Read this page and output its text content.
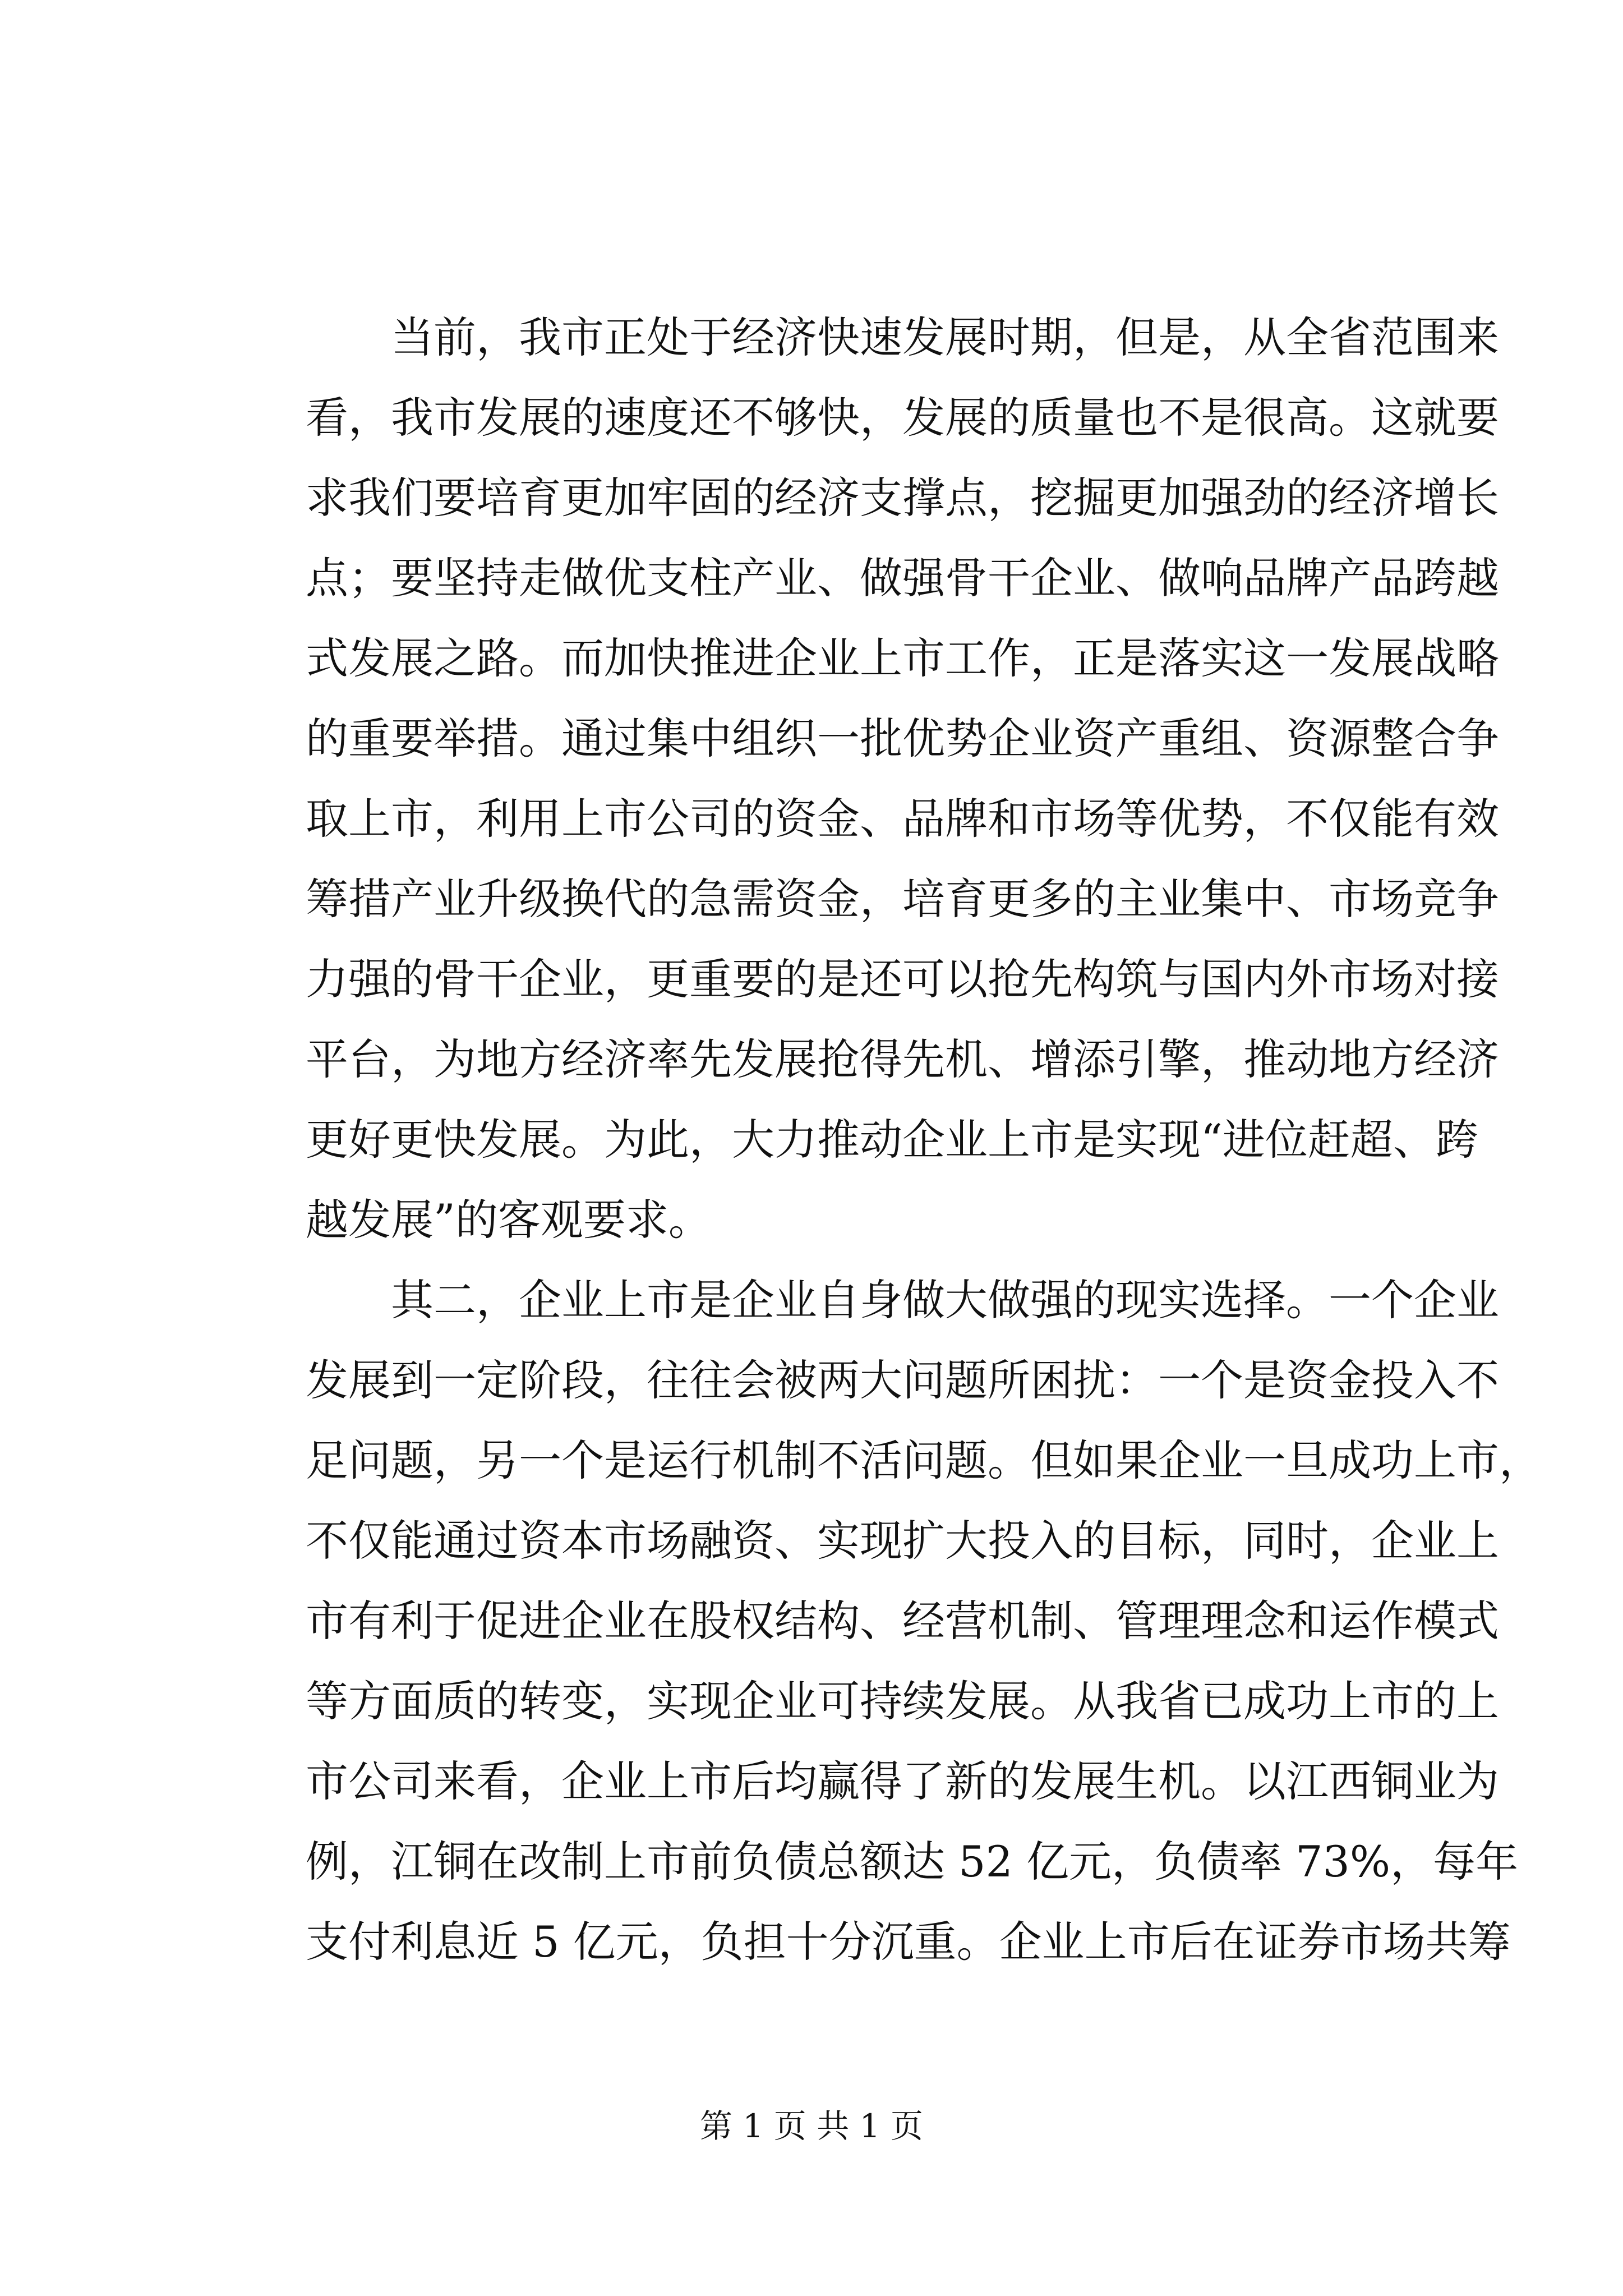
当前，我市正处于经济快速发展时期，但是，从全省范围来
看，我市发展的速度还不够快，发展的质量也不是很高。这就要
求我们要培育更加牢固的经济支撑点，挖掘更加强劲的经济增长
点；要坚持走做优支柱产业、做强骨干企业、做响品牌产品跨越
式发展之路。而加快推进企业上市工作，正是落实这一发展战略
的重要举措。通过集中组织一批优势企业资产重组、资源整合争
取上市，利用上市公司的资金、品牌和市场等优势，不仅能有效
筹措产业升级换代的急需资金，培育更多的主业集中、市场竞争
力强的骨干企业，更重要的是还可以抢先构筑与国内外市场对接
平台，为地方经济率先发展抢得先机、增添引擎，推动地方经济
更好更快发展。为此，大力推动企业上市是实现“进位赶超、跨
越发展”的客观要求。
其二，企业上市是企业自身做大做强的现实选择。一个企业
发展到一定阶段，往往会被两大问题所困扰：一个是资金投入不
足问题，另一个是运行机制不活问题。但如果企业一旦成功上市，
不仅能通过资本市场融资、实现扩大投入的目标，同时，企业上
市有利于促进企业在股权结构、经营机制、管理理念和运作模式
等方面质的转变，实现企业可持续发展。从我省已成功上市的上
市公司来看，企业上市后均赢得了新的发展生机。以江西铜业为
例，江铜在改制上市前负债总额达 52 亿元，负债率 73%，每年
支付利息近 5 亿元，负担十分沉重。企业上市后在证券市场共筹
第 1 页 共 1 页
